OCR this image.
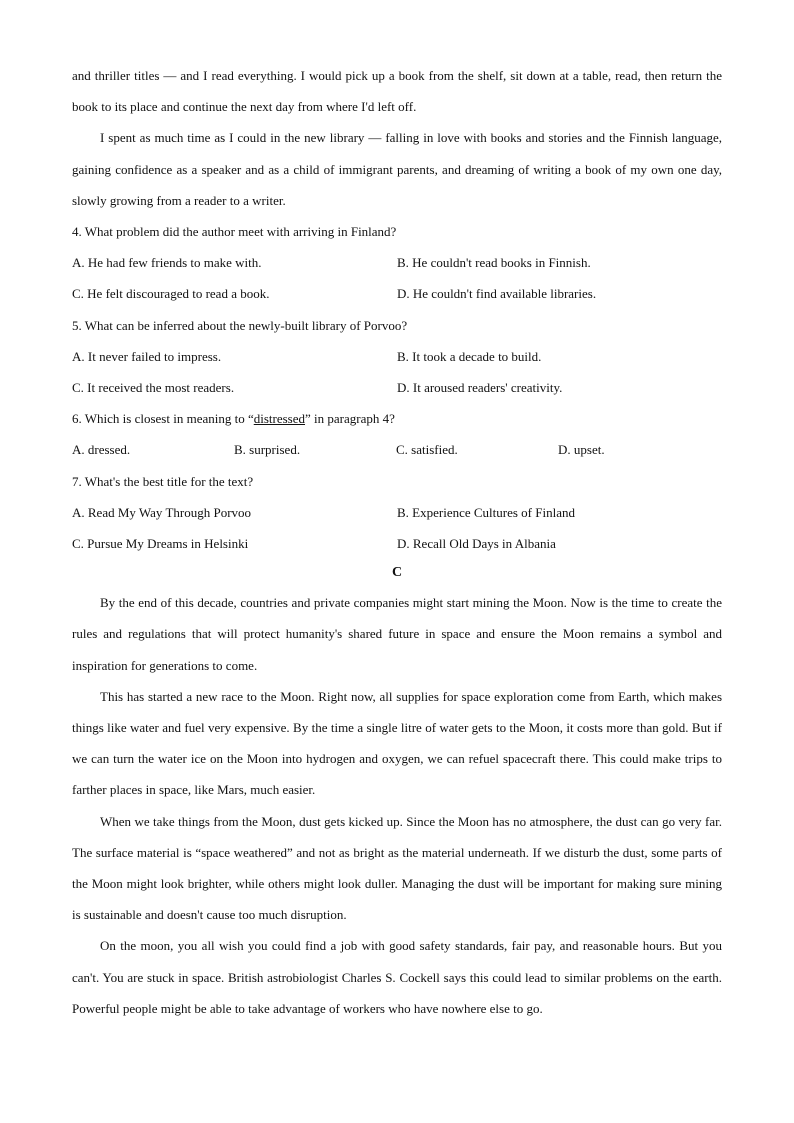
and thriller titles — and I read everything. I would pick up a book from the shelf, sit down at a table, read, then return the book to its place and continue the next day from where I'd left off.

I spent as much time as I could in the new library — falling in love with books and stories and the Finnish language, gaining confidence as a speaker and as a child of immigrant parents, and dreaming of writing a book of my own one day, slowly growing from a reader to a writer.

4. What problem did the author meet with arriving in Finland?

A. He had few friends to make with.	B. He couldn't read books in Finnish.
C. He felt discouraged to read a book.	D. He couldn't find available libraries.

5. What can be inferred about the newly-built library of Porvoo?

A. It never failed to impress.	B. It took a decade to build.
C. It received the most readers.	D. It aroused readers' creativity.

6. Which is closest in meaning to “distressed” in paragraph 4?

A. dressed.	B. surprised.	C. satisfied.	D. upset.

7. What's the best title for the text?

A. Read My Way Through Porvoo	B. Experience Cultures of Finland
C. Pursue My Dreams in Helsinki	D. Recall Old Days in Albania
C

By the end of this decade, countries and private companies might start mining the Moon. Now is the time to create the rules and regulations that will protect humanity's shared future in space and ensure the Moon remains a symbol and inspiration for generations to come.

This has started a new race to the Moon. Right now, all supplies for space exploration come from Earth, which makes things like water and fuel very expensive. By the time a single litre of water gets to the Moon, it costs more than gold. But if we can turn the water ice on the Moon into hydrogen and oxygen, we can refuel spacecraft there. This could make trips to farther places in space, like Mars, much easier.

When we take things from the Moon, dust gets kicked up. Since the Moon has no atmosphere, the dust can go very far. The surface material is “space weathered” and not as bright as the material underneath. If we disturb the dust, some parts of the Moon might look brighter, while others might look duller. Managing the dust will be important for making sure mining is sustainable and doesn't cause too much disruption.

On the moon, you all wish you could find a job with good safety standards, fair pay, and reasonable hours. But you can't. You are stuck in space. British astrobiologist Charles S. Cockell says this could lead to similar problems on the earth. Powerful people might be able to take advantage of workers who have nowhere else to go.
